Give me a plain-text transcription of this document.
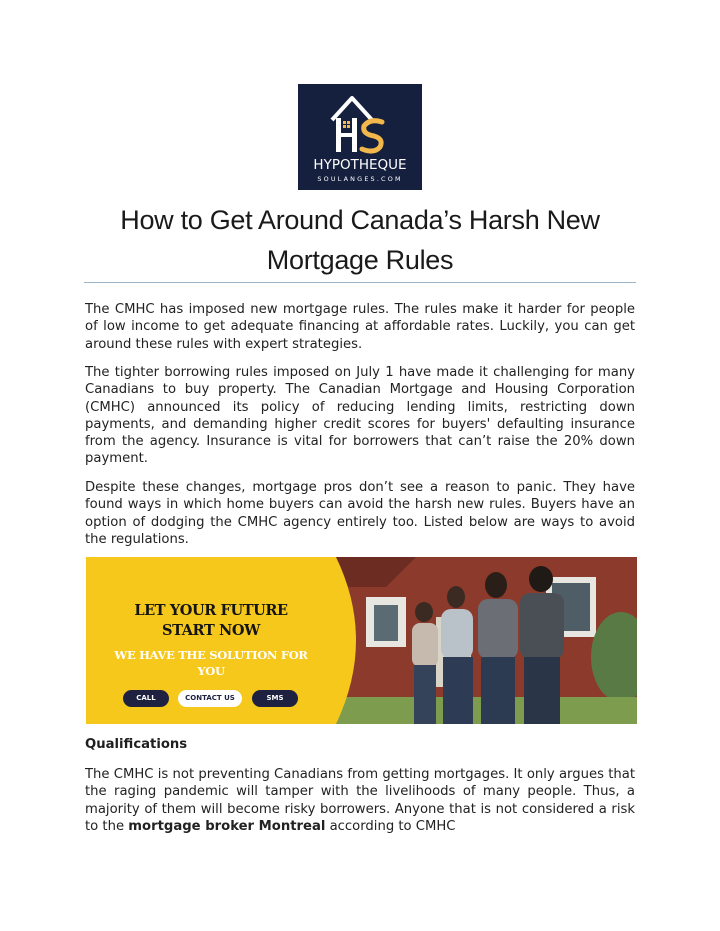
HYPOTHEQUE
SOULANGES.COM
How to Get Around Canada’s Harsh New Mortgage Rules

The CMHC has imposed new mortgage rules. The rules make it harder for people of low income to get adequate financing at affordable rates. Luckily, you can get around these rules with expert strategies.

The tighter borrowing rules imposed on July 1 have made it challenging for many Canadians to buy property. The Canadian Mortgage and Housing Corporation (CMHC) announced its policy of reducing lending limits, restricting down payments, and demanding higher credit scores for buyers' defaulting insurance from the agency. Insurance is vital for borrowers that can’t raise the 20% down payment.

Despite these changes, mortgage pros don’t see a reason to panic. They have found ways in which home buyers can avoid the harsh new rules. Buyers have an option of dodging the CMHC agency entirely too. Listed below are ways to avoid the regulations.

LET YOUR FUTURE START NOW
WE HAVE THE SOLUTION FOR YOU
CALL	CONTACT US	SMS
Qualifications

The CMHC is not preventing Canadians from getting mortgages. It only argues that the raging pandemic will tamper with the livelihoods of many people. Thus, a majority of them will become risky borrowers. Anyone that is not considered a risk to the mortgage broker Montreal according to CMHC
